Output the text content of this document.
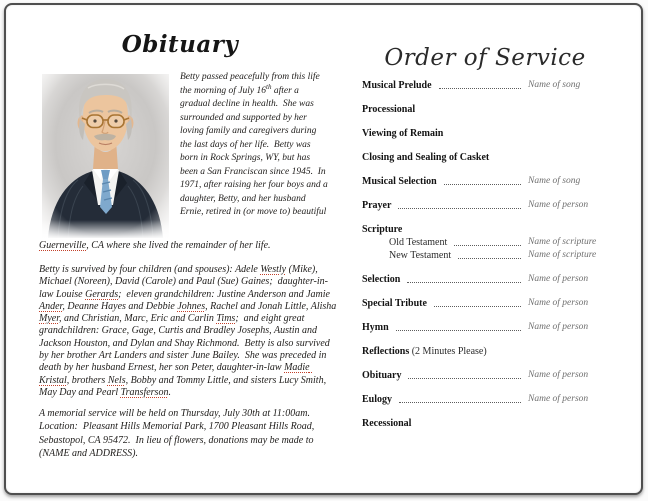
Obituary

Betty passed peacefully from this life the morning of July 16th after a gradual decline in health.  She was surrounded and supported by her loving family and caregivers during the last days of her life.  Betty was born in Rock Springs, WY, but has been a San Franciscan since 1945.  In 1971, after raising her four boys and a daughter, Betty, and her husband Ernie, retired in (or move to) beautiful

Guerneville, CA where she lived the remainder of her life.

Betty is survived by four children (and spouses): Adele Westly (Mike), Michael (Noreen), David (Carole) and Paul (Sue) Gaines;  daughter-in-law Louise Gerards;  eleven grandchildren: Justine Anderson and Jamie Ander, Deanne Hayes and Debbie Johnes, Rachel and Jonah Little, Alisha Myer, and Christian, Marc, Eric and Carlin Tims;  and eight great grandchildren: Grace, Gage, Curtis and Bradley Josephs, Austin and Jackson Houston, and Dylan and Shay Richmond.  Betty is also survived by her brother Art Landers and sister June Bailey.  She was preceded in death by her husband Ernest, her son Peter, daughter-in-law Madie Kristal, brothers Nels, Bobby and Tommy Little, and sisters Lucy Smith, May Day and Pearl Transferson.

A memorial service will be held on Thursday, July 30th at 11:00am.  Location:  Pleasant Hills Memorial Park, 1700 Pleasant Hills Road, Sebastopol, CA 95472.  In lieu of flowers, donations may be made to (NAME and ADDRESS).

Order of Service
Musical Prelude	Name of song
Processional
Viewing of Remain
Closing and Sealing of Casket
Musical Selection	Name of song
Prayer	Name of person
Scripture
Old Testament	Name of scripture
New Testament	Name of scripture
Selection	Name of person
Special Tribute	Name of person
Hymn	Name of person
Reflections (2 Minutes Please)
Obituary	Name of person
Eulogy	Name of person
Recessional
